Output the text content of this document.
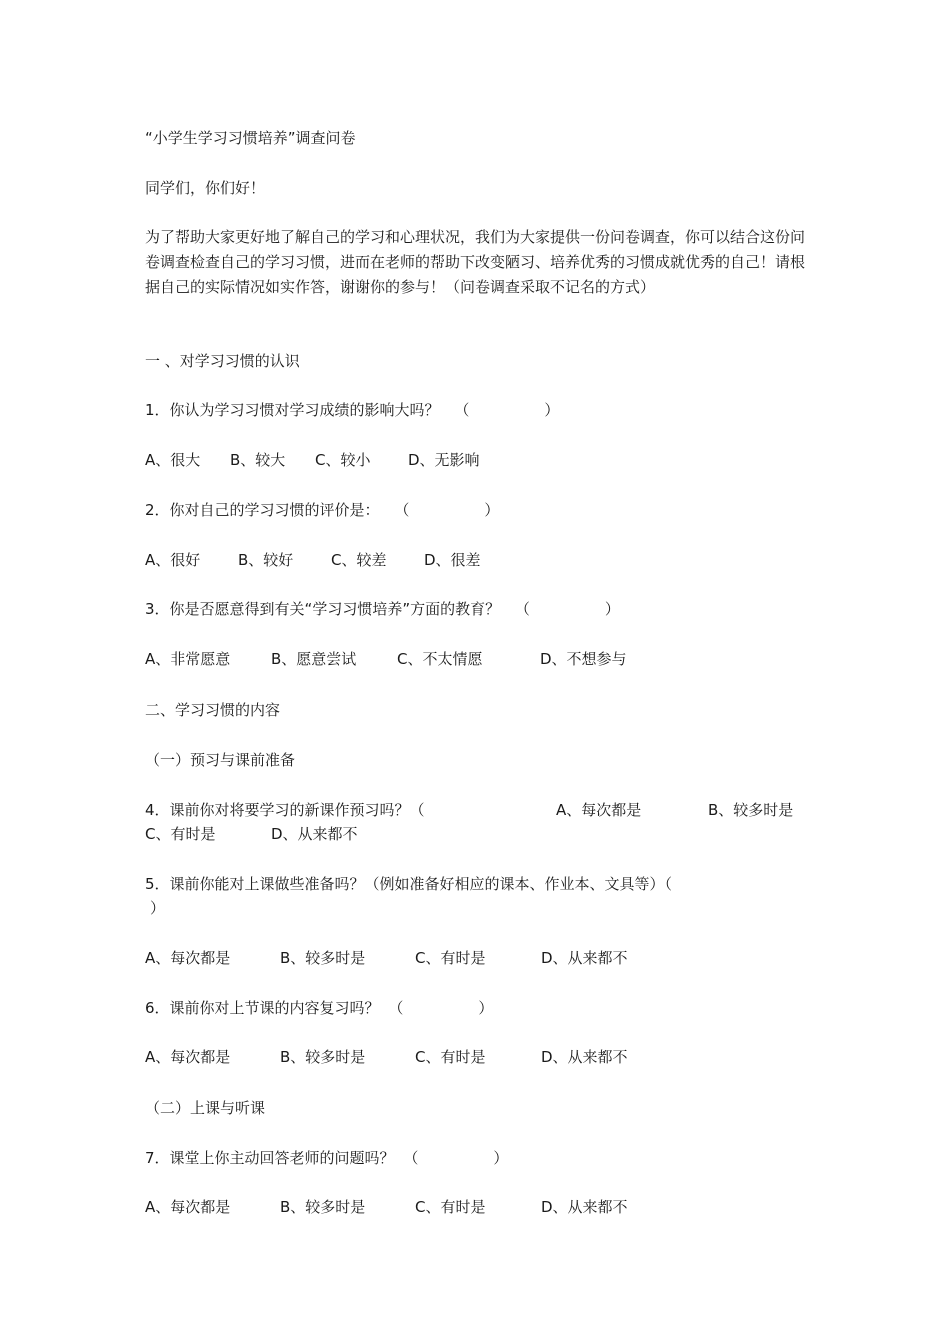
“小学生学习习惯培养”调查问卷
同学们，你们好！
为了帮助大家更好地了解自己的学习和心理状况，我们为大家提供一份问卷调查，你可以结合这份问卷调查检查自己的学习习惯，进而在老师的帮助下改变陋习、培养优秀的习惯成就优秀的自己！请根据自己的实际情况如实作答，谢谢你的参与！（问卷调查采取不记名的方式）
一 、对学习习惯的认识
1．你认为学习习惯对学习成绩的影响大吗？ （　　　　　）
A、很大 B、较大 C、较小	D、无影响
2．你对自己的学习习惯的评价是： （　　　　　）
A、很好	B、较好	C、较差	D、很差
3．你是否愿意得到有关“学习习惯培养”方面的教育？ （　　　　　）
A、非常愿意	B、愿意尝试	C、不太情愿	D、不想参与
二、学习习惯的内容
（一）预习与课前准备
4．课前你对将要学习的新课作预习吗？（	A、每次都是	B、较多时是
C、有时是	D、从来都不
5．课前你能对上课做些准备吗？（例如准备好相应的课本、作业本、文具等）（
）
A、每次都是	B、较多时是	C、有时是	D、从来都不
6．课前你对上节课的内容复习吗？ （　　　　　）
A、每次都是	B、较多时是	C、有时是	D、从来都不
（二）上课与听课
7．课堂上你主动回答老师的问题吗？ （　　　　　）
A、每次都是	B、较多时是	C、有时是	D、从来都不
